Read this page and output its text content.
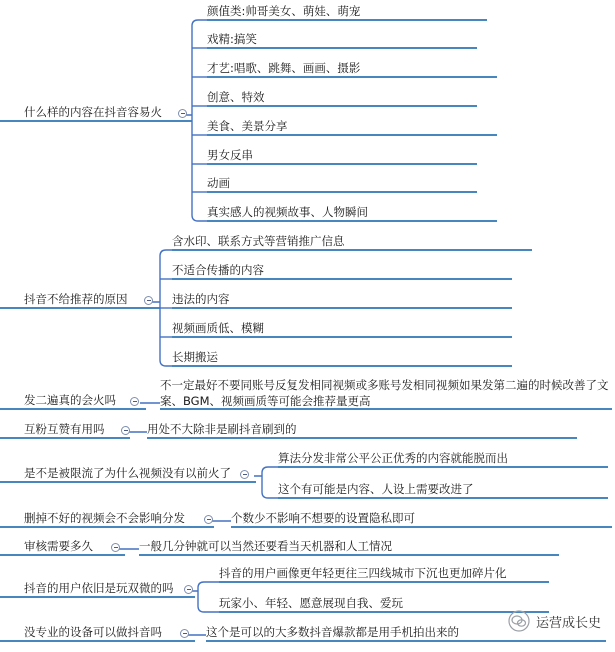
什么样的内容在抖音容易火
颜值类:帅哥美女、萌娃、萌宠
戏精:搞笑
才艺:唱歌、跳舞、画画、摄影
创意、特效
美食、美景分享
男女反串
动画
真实感人的视频故事、人物瞬间
抖音不给推荐的原因
含水印、联系方式等营销推广信息
不适合传播的内容
违法的内容
视频画质低、模糊
长期搬运
发二遍真的会火吗
不一定最好不要同账号反复发相同视频或多账号发相同视频如果发第二遍的时候改善了文案、BGM、视频画质等可能会推荐量更高
互粉互赞有用吗	用处不大除非是刷抖音刷到的
是不是被限流了为什么视频没有以前火了
算法分发非常公平公正优秀的内容就能脱而出
这个有可能是内容、人设上需要改进了
删掉不好的视频会不会影响分发	个数少不影响不想要的设置隐私即可
审核需要多久	一般几分钟就可以当然还要看当天机器和人工情况
抖音的用户依旧是玩双微的吗
抖音的用户画像更年轻更往三四线城市下沉也更加碎片化
玩家小、年轻、愿意展现自我、爱玩
没专业的设备可以做抖音吗	这个是可以的大多数抖音爆款都是用手机拍出来的
运营成长史
